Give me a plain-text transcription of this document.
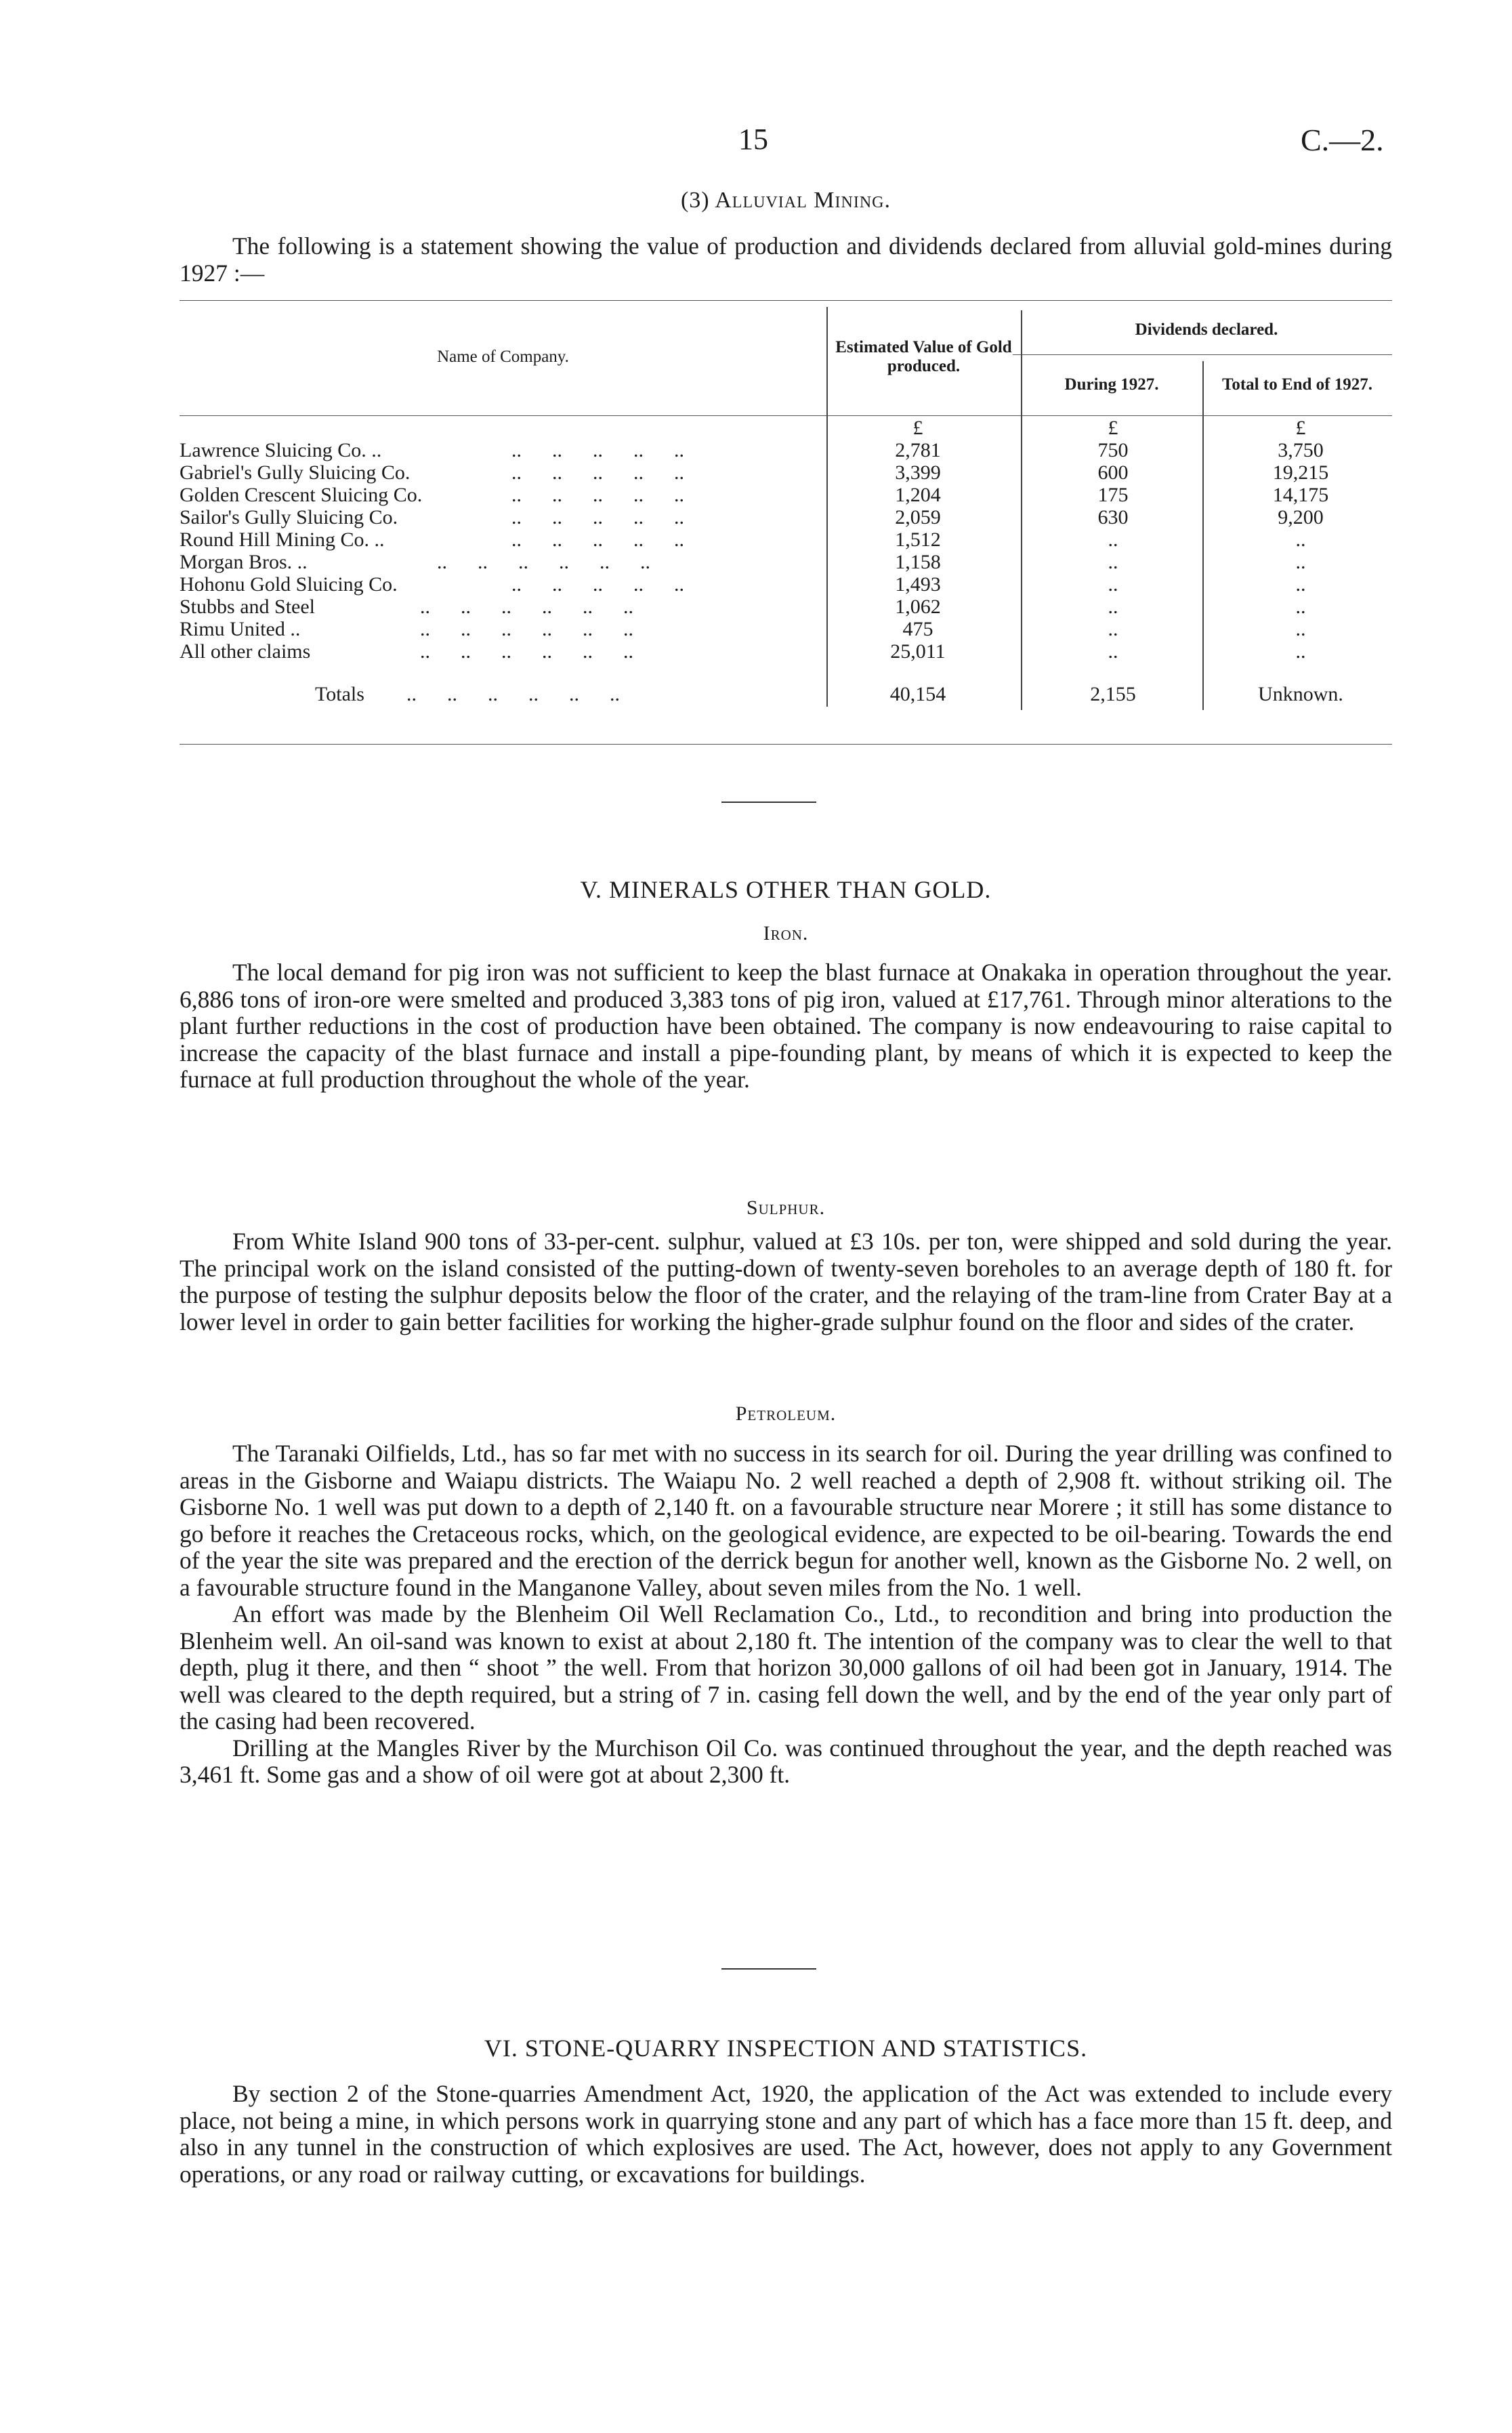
15	C.—2.
(3) Alluvial Mining.

The following is a statement showing the value of production and dividends declared from alluvial gold-mines during 1927 :—

Name of Company.
Estimated Value of Gold produced.
Dividends declared.
During 1927.	Total to End of 1927.
£	£	£
Lawrence Sluicing Co. ..	..      ..      ..      ..      ..	2,781	750	3,750
Gabriel's Gully Sluicing Co.	..      ..      ..      ..      ..	3,399	600	19,215
Golden Crescent Sluicing Co.	..      ..      ..      ..      ..	1,204	175	14,175
Sailor's Gully Sluicing Co.	..      ..      ..      ..      ..	2,059	630	9,200
Round Hill Mining Co. ..	..      ..      ..      ..      ..	1,512	..	..
Morgan Bros. ..	..      ..      ..      ..      ..      ..	1,158	..	..
Hohonu Gold Sluicing Co.	..      ..      ..      ..      ..	1,493	..	..
Stubbs and Steel	..      ..      ..      ..      ..      ..	1,062	..	..
Rimu United ..	..      ..      ..      ..      ..      ..	475	..	..
All other claims	..      ..      ..      ..      ..      ..	25,011	..	..
Totals ..      ..      ..      ..      ..      ..	40,154	2,155	Unknown.
V. MINERALS OTHER THAN GOLD.
Iron.

The local demand for pig iron was not sufficient to keep the blast furnace at Onakaka in operation throughout the year. 6,886 tons of iron-ore were smelted and produced 3,383 tons of pig iron, valued at £17,761. Through minor alterations to the plant further reductions in the cost of production have been obtained. The company is now endeavouring to raise capital to increase the capacity of the blast furnace and install a pipe-founding plant, by means of which it is expected to keep the furnace at full production throughout the whole of the year.

Sulphur.

From White Island 900 tons of 33-per-cent. sulphur, valued at £3 10s. per ton, were shipped and sold during the year. The principal work on the island consisted of the putting-down of twenty-seven boreholes to an average depth of 180 ft. for the purpose of testing the sulphur deposits below the floor of the crater, and the relaying of the tram-line from Crater Bay at a lower level in order to gain better facilities for working the higher-grade sulphur found on the floor and sides of the crater.

Petroleum.

The Taranaki Oilfields, Ltd., has so far met with no success in its search for oil. During the year drilling was confined to areas in the Gisborne and Waiapu districts. The Waiapu No. 2 well reached a depth of 2,908 ft. without striking oil. The Gisborne No. 1 well was put down to a depth of 2,140 ft. on a favourable structure near Morere ; it still has some distance to go before it reaches the Cretaceous rocks, which, on the geological evidence, are expected to be oil-bearing. Towards the end of the year the site was prepared and the erection of the derrick begun for another well, known as the Gisborne No. 2 well, on a favourable structure found in the Manganone Valley, about seven miles from the No. 1 well.

An effort was made by the Blenheim Oil Well Reclamation Co., Ltd., to recondition and bring into production the Blenheim well. An oil-sand was known to exist at about 2,180 ft. The intention of the company was to clear the well to that depth, plug it there, and then “ shoot ” the well. From that horizon 30,000 gallons of oil had been got in January, 1914. The well was cleared to the depth required, but a string of 7 in. casing fell down the well, and by the end of the year only part of the casing had been recovered.

Drilling at the Mangles River by the Murchison Oil Co. was continued throughout the year, and the depth reached was 3,461 ft. Some gas and a show of oil were got at about 2,300 ft.

VI. STONE-QUARRY INSPECTION AND STATISTICS.

By section 2 of the Stone-quarries Amendment Act, 1920, the application of the Act was extended to include every place, not being a mine, in which persons work in quarrying stone and any part of which has a face more than 15 ft. deep, and also in any tunnel in the construction of which explosives are used. The Act, however, does not apply to any Government operations, or any road or railway cutting, or excavations for buildings.
